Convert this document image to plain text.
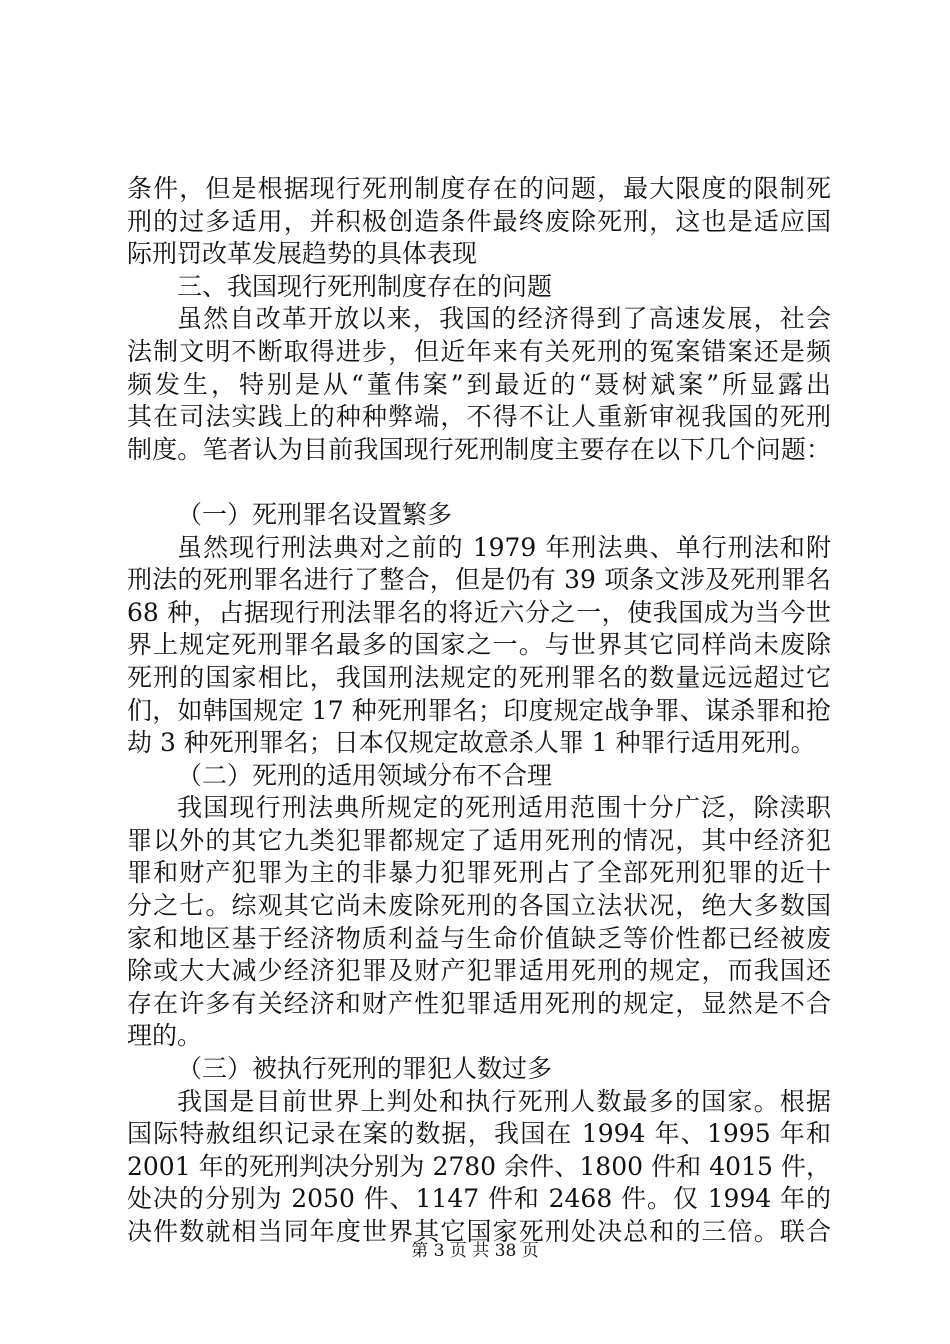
条件，但是根据现行死刑制度存在的问题，最大限度的限制死
刑的过多适用，并积极创造条件最终废除死刑，这也是适应国
际刑罚改革发展趋势的具体表现
三、我国现行死刑制度存在的问题
虽然自改革开放以来，我国的经济得到了高速发展，社会
法制文明不断取得进步，但近年来有关死刑的冤案错案还是频
频发生，特别是从“董伟案”到最近的“聂树斌案”所显露出
其在司法实践上的种种弊端，不得不让人重新审视我国的死刑
制度。笔者认为目前我国现行死刑制度主要存在以下几个问题：
（一）死刑罪名设置繁多
虽然现行刑法典对之前的 1979 年刑法典、单行刑法和附
刑法的死刑罪名进行了整合，但是仍有 39 项条文涉及死刑罪名
68 种，占据现行刑法罪名的将近六分之一，使我国成为当今世
界上规定死刑罪名最多的国家之一。与世界其它同样尚未废除
死刑的国家相比，我国刑法规定的死刑罪名的数量远远超过它
们，如韩国规定 17 种死刑罪名；印度规定战争罪、谋杀罪和抢
劫 3 种死刑罪名；日本仅规定故意杀人罪 1 种罪行适用死刑。
（二）死刑的适用领域分布不合理
我国现行刑法典所规定的死刑适用范围十分广泛，除渎职
罪以外的其它九类犯罪都规定了适用死刑的情况，其中经济犯
罪和财产犯罪为主的非暴力犯罪死刑占了全部死刑犯罪的近十
分之七。综观其它尚未废除死刑的各国立法状况，绝大多数国
家和地区基于经济物质利益与生命价值缺乏等价性都已经被废
除或大大减少经济犯罪及财产犯罪适用死刑的规定，而我国还
存在许多有关经济和财产性犯罪适用死刑的规定，显然是不合
理的。
（三）被执行死刑的罪犯人数过多
我国是目前世界上判处和执行死刑人数最多的国家。根据
国际特赦组织记录在案的数据，我国在 1994 年、1995 年和
2001 年的死刑判决分别为 2780 余件、1800 件和 4015 件，
处决的分别为 2050 件、1147 件和 2468 件。仅 1994 年的
决件数就相当同年度世界其它国家死刑处决总和的三倍。联合
第 3 页 共 38 页
